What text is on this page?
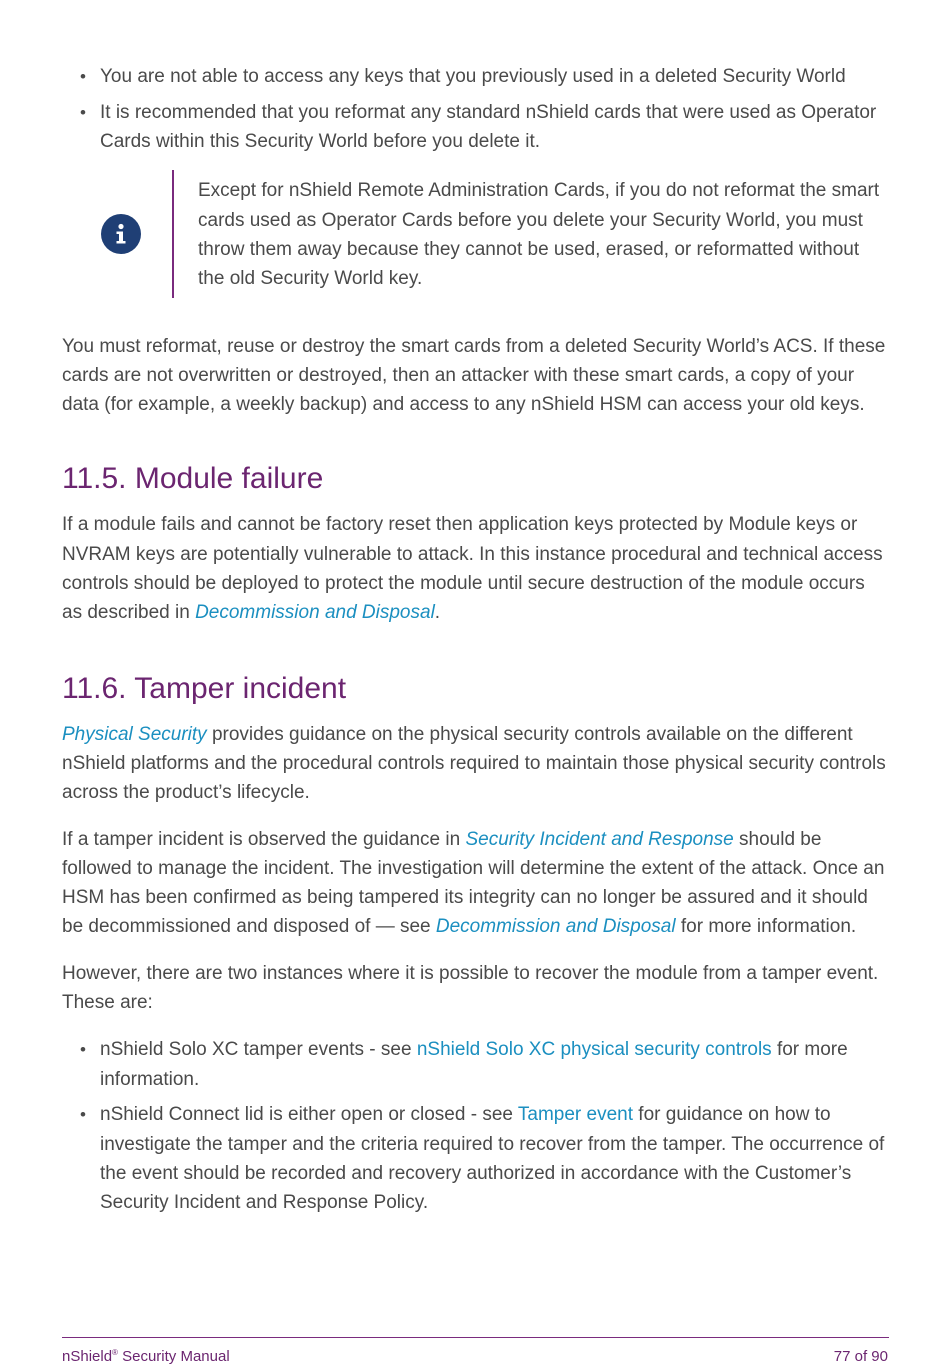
• You are not able to access any keys that you previously used in a deleted Security World
• It is recommended that you reformat any standard nShield cards that were used as Operator Cards within this Security World before you delete it.
Except for nShield Remote Administration Cards, if you do not reformat the smart cards used as Operator Cards before you delete your Security World, you must throw them away because they cannot be used, erased, or reformatted without the old Security World key.

You must reformat, reuse or destroy the smart cards from a deleted Security World’s ACS. If these cards are not overwritten or destroyed, then an attacker with these smart cards, a copy of your data (for example, a weekly backup) and access to any nShield HSM can access your old keys.

11.5. Module failure

If a module fails and cannot be factory reset then application keys protected by Module keys or NVRAM keys are potentially vulnerable to attack. In this instance procedural and technical access controls should be deployed to protect the module until secure destruction of the module occurs as described in Decommission and Disposal.

11.6. Tamper incident

Physical Security provides guidance on the physical security controls available on the different nShield platforms and the procedural controls required to maintain those physical security controls across the product’s lifecycle.

If a tamper incident is observed the guidance in Security Incident and Response should be followed to manage the incident. The investigation will determine the extent of the attack. Once an HSM has been confirmed as being tampered its integrity can no longer be assured and it should be decommissioned and disposed of — see Decommission and Disposal for more information.

However, there are two instances where it is possible to recover the module from a tamper event. These are:

• nShield Solo XC tamper events - see nShield Solo XC physical security controls for more information.
• nShield Connect lid is either open or closed - see Tamper event for guidance on how to investigate the tamper and the criteria required to recover from the tamper. The occurrence of the event should be recorded and recovery authorized in accordance with the Customer’s Security Incident and Response Policy.
nShield® Security Manual	77 of 90
